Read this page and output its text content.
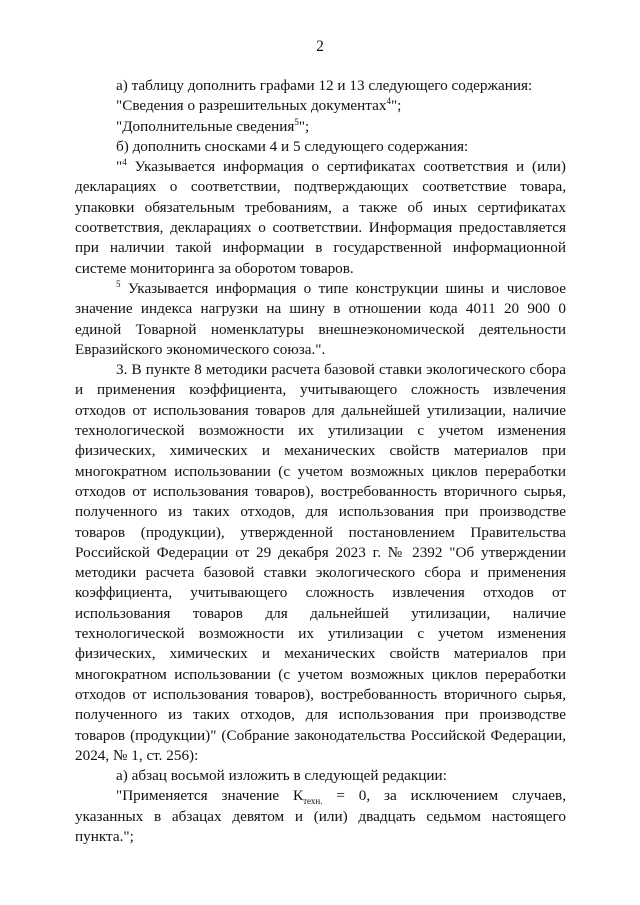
2

а) таблицу дополнить графами 12 и 13 следующего содержания:

"Сведения о разрешительных документах$^4$";

"Дополнительные сведения$^5$";

б) дополнить сносками 4 и 5 следующего содержания:

"$^4$ Указывается информация о сертификатах соответствия и (или) декларациях о соответствии, подтверждающих соответствие товара, упаковки обязательным требованиям, а также об иных сертификатах соответствия, декларациях о соответствии. Информация предоставляется при наличии такой информации в государственной информационной системе мониторинга за оборотом товаров.

$^5$ Указывается информация о типе конструкции шины и числовое значение индекса нагрузки на шину в отношении кода 4011 20 900 0 единой Товарной номенклатуры внешнеэкономической деятельности Евразийского экономического союза.".

3. В пункте 8 методики расчета базовой ставки экологического сбора и применения коэффициента, учитывающего сложность извлечения отходов от использования товаров для дальнейшей утилизации, наличие технологической возможности их утилизации с учетом изменения физических, химических и механических свойств материалов при многократном использовании (с учетом возможных циклов переработки отходов от использования товаров), востребованность вторичного сырья, полученного из таких отходов, для использования при производстве товаров (продукции), утвержденной постановлением Правительства Российской Федерации от 29 декабря 2023 г. № 2392 "Об утверждении методики расчета базовой ставки экологического сбора и применения коэффициента, учитывающего сложность извлечения отходов от использования товаров для дальнейшей утилизации, наличие технологической возможности их утилизации с учетом изменения физических, химических и механических свойств материалов при многократном использовании (с учетом возможных циклов переработки отходов от использования товаров), востребованность вторичного сырья, полученного из таких отходов, для использования при производстве товаров (продукции)" (Собрание законодательства Российской Федерации, 2024, № 1, ст. 256):

а) абзац восьмой изложить в следующей редакции:

"Применяется значение $К_{техн.} = 0$, за исключением случаев, указанных в абзацах девятом и (или) двадцать седьмом настоящего пункта.";
